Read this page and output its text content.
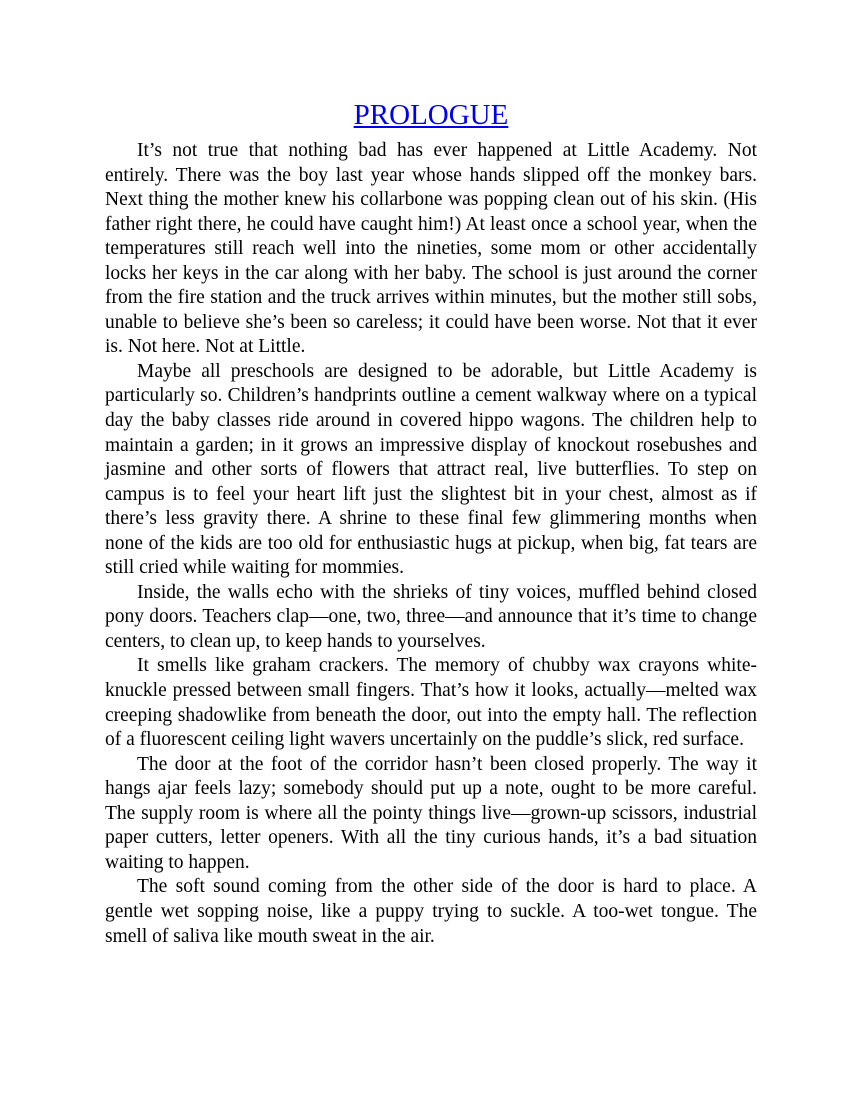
PROLOGUE

It’s not true that nothing bad has ever happened at Little Academy. Not entirely. There was the boy last year whose hands slipped off the monkey bars. Next thing the mother knew his collarbone was popping clean out of his skin. (His father right there, he could have caught him!) At least once a school year, when the temperatures still reach well into the nineties, some mom or other accidentally locks her keys in the car along with her baby. The school is just around the corner from the fire station and the truck arrives within minutes, but the mother still sobs, unable to believe she’s been so careless; it could have been worse. Not that it ever is. Not here. Not at Little.

Maybe all preschools are designed to be adorable, but Little Academy is particularly so. Children’s handprints outline a cement walkway where on a typical day the baby classes ride around in covered hippo wagons. The children help to maintain a garden; in it grows an impressive display of knockout rosebushes and jasmine and other sorts of flowers that attract real, live butterflies. To step on campus is to feel your heart lift just the slightest bit in your chest, almost as if there’s less gravity there. A shrine to these final few glimmering months when none of the kids are too old for enthusiastic hugs at pickup, when big, fat tears are still cried while waiting for mommies.

Inside, the walls echo with the shrieks of tiny voices, muffled behind closed pony doors. Teachers clap—one, two, three—and announce that it’s time to change centers, to clean up, to keep hands to yourselves.

It smells like graham crackers. The memory of chubby wax crayons white-knuckle pressed between small fingers. That’s how it looks, actually—melted wax creeping shadowlike from beneath the door, out into the empty hall. The reflection of a fluorescent ceiling light wavers uncertainly on the puddle’s slick, red surface.

The door at the foot of the corridor hasn’t been closed properly. The way it hangs ajar feels lazy; somebody should put up a note, ought to be more careful. The supply room is where all the pointy things live—grown-up scissors, industrial paper cutters, letter openers. With all the tiny curious hands, it’s a bad situation waiting to happen.

The soft sound coming from the other side of the door is hard to place. A gentle wet sopping noise, like a puppy trying to suckle. A too-wet tongue. The smell of saliva like mouth sweat in the air.
